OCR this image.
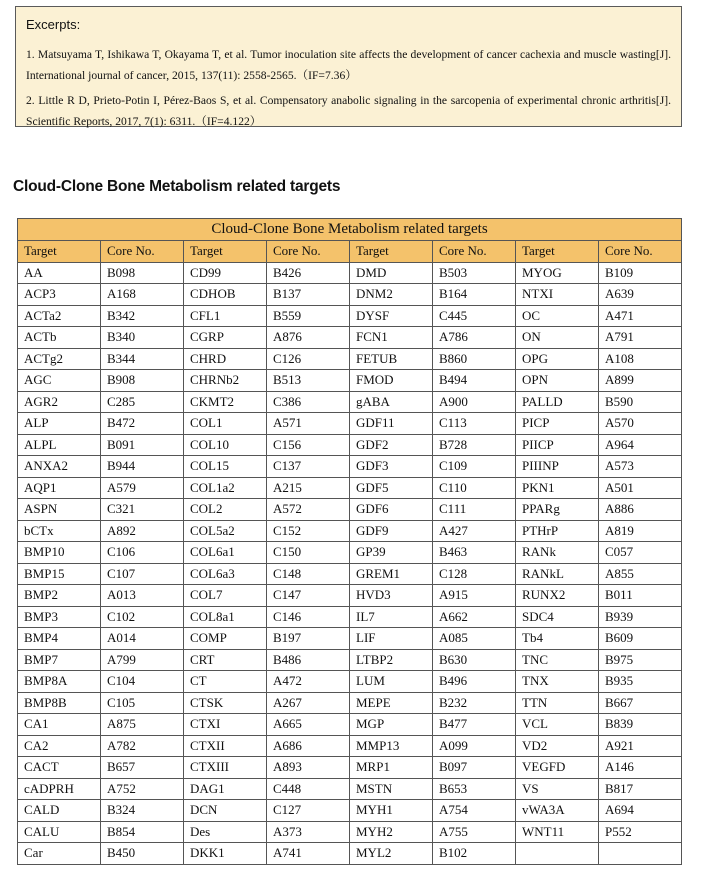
Excerpts:

1. Matsuyama T, Ishikawa T, Okayama T, et al. Tumor inoculation site affects the development of cancer cachexia and muscle wasting[J]. International journal of cancer, 2015, 137(11): 2558-2565.（IF=7.36）

2. Little R D, Prieto-Potin I, Pérez-Baos S, et al. Compensatory anabolic signaling in the sarcopenia of experimental chronic arthritis[J]. Scientific Reports, 2017, 7(1): 6311.（IF=4.122）

Cloud-Clone Bone Metabolism related targets
Cloud-Clone Bone Metabolism related targets
Target	Core No.	Target	Core No.	Target	Core No.	Target	Core No.
AA	B098	CD99	B426	DMD	B503	MYOG	B109
ACP3	A168	CDHOB	B137	DNM2	B164	NTXI	A639
ACTa2	B342	CFL1	B559	DYSF	C445	OC	A471
ACTb	B340	CGRP	A876	FCN1	A786	ON	A791
ACTg2	B344	CHRD	C126	FETUB	B860	OPG	A108
AGC	B908	CHRNb2	B513	FMOD	B494	OPN	A899
AGR2	C285	CKMT2	C386	gABA	A900	PALLD	B590
ALP	B472	COL1	A571	GDF11	C113	PICP	A570
ALPL	B091	COL10	C156	GDF2	B728	PIICP	A964
ANXA2	B944	COL15	C137	GDF3	C109	PIIINP	A573
AQP1	A579	COL1a2	A215	GDF5	C110	PKN1	A501
ASPN	C321	COL2	A572	GDF6	C111	PPARg	A886
bCTx	A892	COL5a2	C152	GDF9	A427	PTHrP	A819
BMP10	C106	COL6a1	C150	GP39	B463	RANk	C057
BMP15	C107	COL6a3	C148	GREM1	C128	RANkL	A855
BMP2	A013	COL7	C147	HVD3	A915	RUNX2	B011
BMP3	C102	COL8a1	C146	IL7	A662	SDC4	B939
BMP4	A014	COMP	B197	LIF	A085	Tb4	B609
BMP7	A799	CRT	B486	LTBP2	B630	TNC	B975
BMP8A	C104	CT	A472	LUM	B496	TNX	B935
BMP8B	C105	CTSK	A267	MEPE	B232	TTN	B667
CA1	A875	CTXI	A665	MGP	B477	VCL	B839
CA2	A782	CTXII	A686	MMP13	A099	VD2	A921
CACT	B657	CTXIII	A893	MRP1	B097	VEGFD	A146
cADPRH	A752	DAG1	C448	MSTN	B653	VS	B817
CALD	B324	DCN	C127	MYH1	A754	vWA3A	A694
CALU	B854	Des	A373	MYH2	A755	WNT11	P552
Car	B450	DKK1	A741	MYL2	B102		
